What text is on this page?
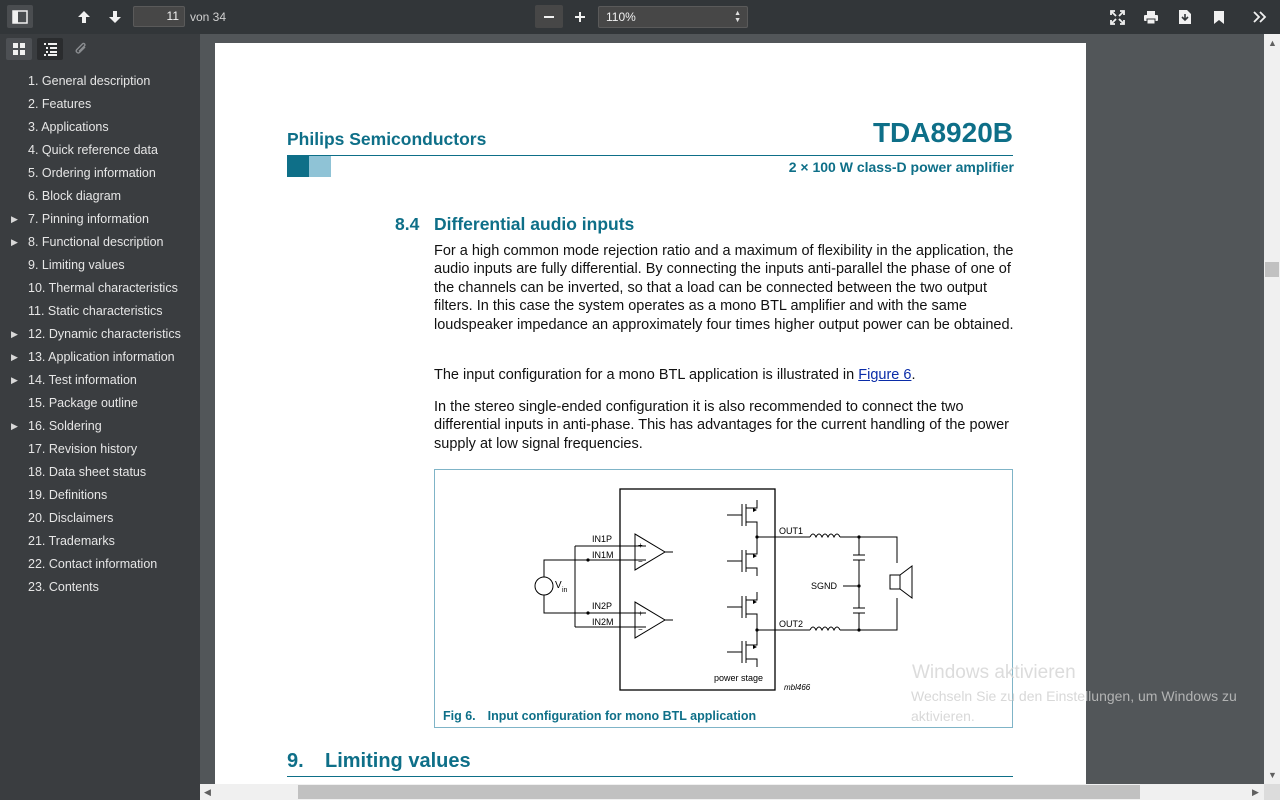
11 von 34	110%	▲
▼
1. General description
2. Features
3. Applications
4. Quick reference data
5. Ordering information
6. Block diagram
▶ 7. Pinning information
▶ 8. Functional description
9. Limiting values
10. Thermal characteristics
11. Static characteristics
▶ 12. Dynamic characteristics
▶ 13. Application information
▶ 14. Test information
15. Package outline
▶ 16. Soldering
17. Revision history
18. Data sheet status
19. Definitions
20. Disclaimers
21. Trademarks
22. Contact information
23. Contents
Philips Semiconductors	TDA8920B
2 × 100 W class-D power amplifier
8.4 Differential audio inputs
For a high common mode rejection ratio and a maximum of flexibility in the application, the audio inputs are fully differential. By connecting the inputs anti-parallel the phase of one of the channels can be inverted, so that a load can be connected between the two output filters. In this case the system operates as a mono BTL amplifier and with the same loudspeaker impedance an approximately four times higher output power can be obtained.
The input configuration for a mono BTL application is illustrated in Figure 6.
In the stereo single-ended configuration it is also recommended to connect the two differential inputs in anti-phase. This has advantages for the current handling of the power supply at low signal frequencies.
IN1P
IN1M
IN2P
IN2M
V in
+
−
+
−
OUT1
OUT2
SGND
power stage
mbl466
Fig 6. Input configuration for mono BTL application
9. Limiting values
▲
▼
◀	▶
Windows aktivieren
Wechseln Sie zu den Einstellungen, um Windows zu aktivieren.
